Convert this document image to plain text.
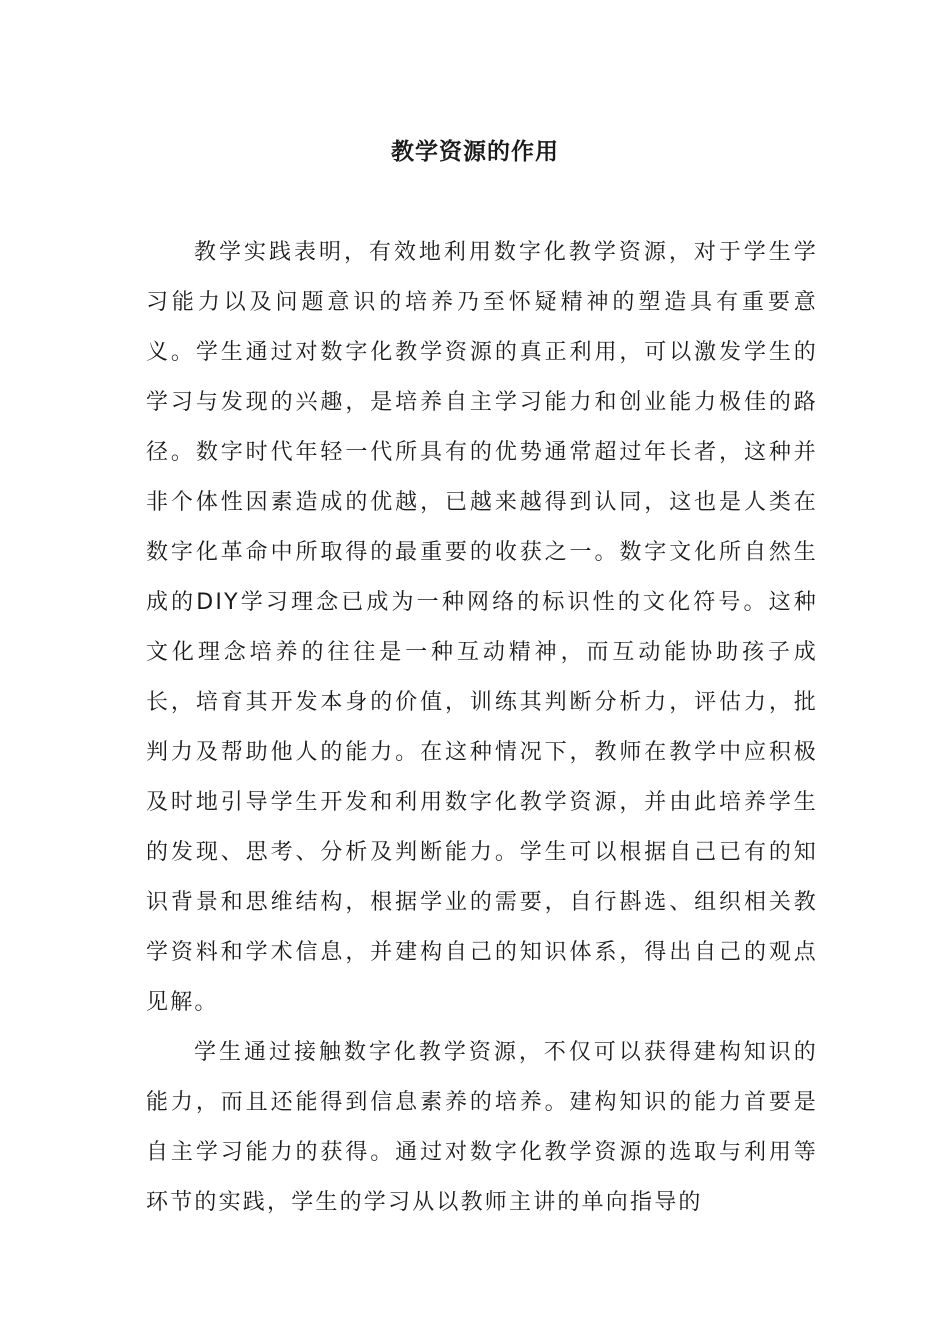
教学资源的作用

教学实践表明，有效地利用数字化教学资源，对于学生学习能力以及问题意识的培养乃至怀疑精神的塑造具有重要意义。学生通过对数字化教学资源的真正利用，可以激发学生的学习与发现的兴趣，是培养自主学习能力和创业能力极佳的路径。数字时代年轻一代所具有的优势通常超过年长者，这种并非个体性因素造成的优越，已越来越得到认同，这也是人类在数字化革命中所取得的最重要的收获之一。数字文化所自然生成的DIY学习理念已成为一种网络的标识性的文化符号。这种文化理念培养的往往是一种互动精神，而互动能协助孩子成长，培育其开发本身的价值，训练其判断分析力，评估力，批判力及帮助他人的能力。在这种情况下，教师在教学中应积极及时地引导学生开发和利用数字化教学资源，并由此培养学生的发现、思考、分析及判断能力。学生可以根据自己已有的知识背景和思维结构，根据学业的需要，自行斟选、组织相关教学资料和学术信息，并建构自己的知识体系，得出自己的观点见解。

学生通过接触数字化教学资源，不仅可以获得建构知识的能力，而且还能得到信息素养的培养。建构知识的能力首要是自主学习能力的获得。通过对数字化教学资源的选取与利用等环节的实践，学生的学习从以教师主讲的单向指导的
